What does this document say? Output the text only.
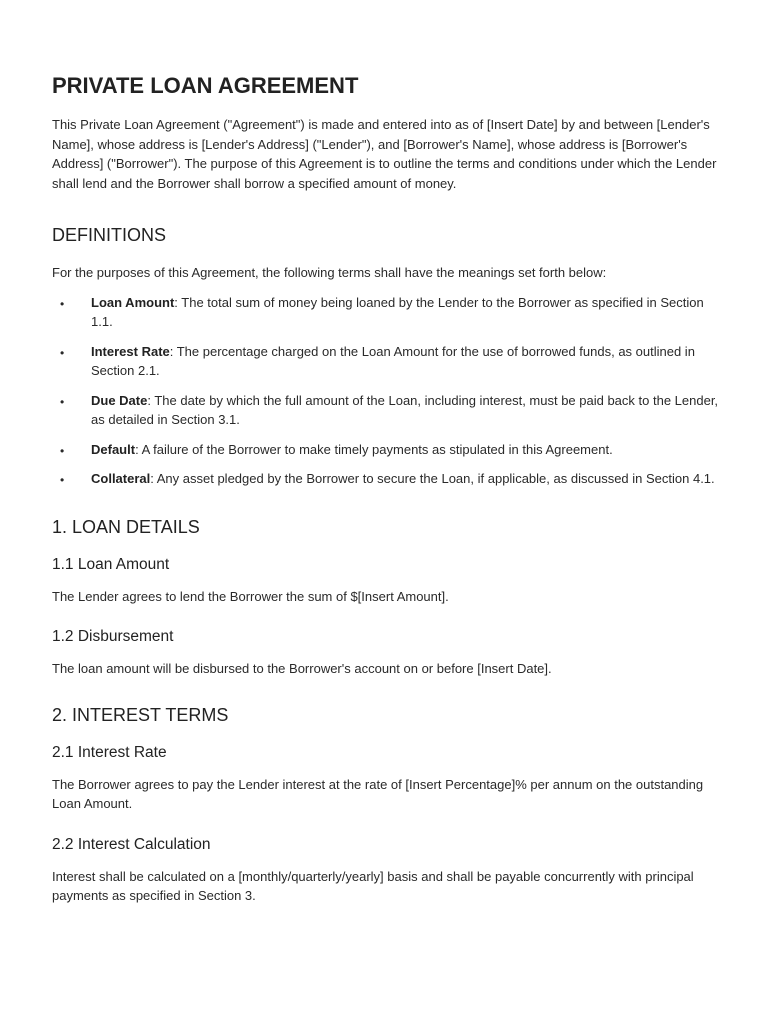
PRIVATE LOAN AGREEMENT

This Private Loan Agreement ("Agreement") is made and entered into as of [Insert Date] by and between [Lender's Name], whose address is [Lender's Address] ("Lender"), and [Borrower's Name], whose address is [Borrower's Address] ("Borrower"). The purpose of this Agreement is to outline the terms and conditions under which the Lender shall lend and the Borrower shall borrow a specified amount of money.

DEFINITIONS

For the purposes of this Agreement, the following terms shall have the meanings set forth below:

• Loan Amount: The total sum of money being loaned by the Lender to the Borrower as specified in Section 1.1.
• Interest Rate: The percentage charged on the Loan Amount for the use of borrowed funds, as outlined in Section 2.1.
• Due Date: The date by which the full amount of the Loan, including interest, must be paid back to the Lender, as detailed in Section 3.1.
• Default: A failure of the Borrower to make timely payments as stipulated in this Agreement.
• Collateral: Any asset pledged by the Borrower to secure the Loan, if applicable, as discussed in Section 4.1.
1. LOAN DETAILS
1.1 Loan Amount

The Lender agrees to lend the Borrower the sum of $[Insert Amount].

1.2 Disbursement

The loan amount will be disbursed to the Borrower's account on or before [Insert Date].

2. INTEREST TERMS
2.1 Interest Rate

The Borrower agrees to pay the Lender interest at the rate of [Insert Percentage]% per annum on the outstanding Loan Amount.

2.2 Interest Calculation

Interest shall be calculated on a [monthly/quarterly/yearly] basis and shall be payable concurrently with principal payments as specified in Section 3.
